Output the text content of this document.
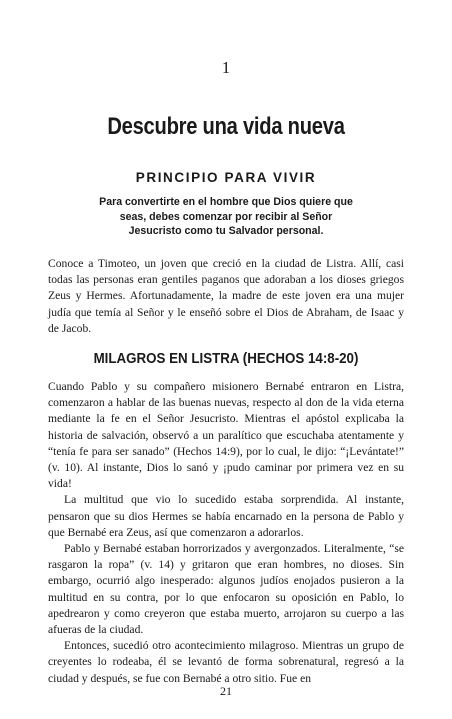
1
Descubre una vida nueva
PRINCIPIO PARA VIVIR

Para convertirte en el hombre que Dios quiere que seas, debes comenzar por recibir al Señor Jesucristo como tu Salvador personal.

Conoce a Timoteo, un joven que creció en la ciudad de Listra. Allí, casi todas las personas eran gentiles paganos que adoraban a los dioses griegos Zeus y Hermes. Afortunadamente, la madre de este joven era una mujer judía que temía al Señor y le enseñó sobre el Dios de Abraham, de Isaac y de Jacob.

MILAGROS EN LISTRA (HECHOS 14:8-20)

Cuando Pablo y su compañero misionero Bernabé entraron en Listra, comenzaron a hablar de las buenas nuevas, respecto al don de la vida eterna mediante la fe en el Señor Jesucristo. Mientras el apóstol explicaba la historia de salvación, observó a un paralítico que escuchaba atentamente y “tenía fe para ser sanado” (Hechos 14:9), por lo cual, le dijo: “¡Levántate!” (v. 10). Al instante, Dios lo sanó y ¡pudo caminar por primera vez en su vida!

La multitud que vio lo sucedido estaba sorprendida. Al instante, pensaron que su dios Hermes se había encarnado en la persona de Pablo y que Bernabé era Zeus, así que comenzaron a adorarlos.

Pablo y Bernabé estaban horrorizados y avergonzados. Literalmente, “se rasgaron la ropa” (v. 14) y gritaron que eran hombres, no dioses. Sin embargo, ocurrió algo inesperado: algunos judíos enojados pusieron a la multitud en su contra, por lo que enfocaron su oposición en Pablo, lo apedrearon y como creyeron que estaba muerto, arrojaron su cuerpo a las afueras de la ciudad.

Entonces, sucedió otro acontecimiento milagroso. Mientras un grupo de creyentes lo rodeaba, él se levantó de forma sobrenatural, regresó a la ciudad y después, se fue con Bernabé a otro sitio. Fue en

21
